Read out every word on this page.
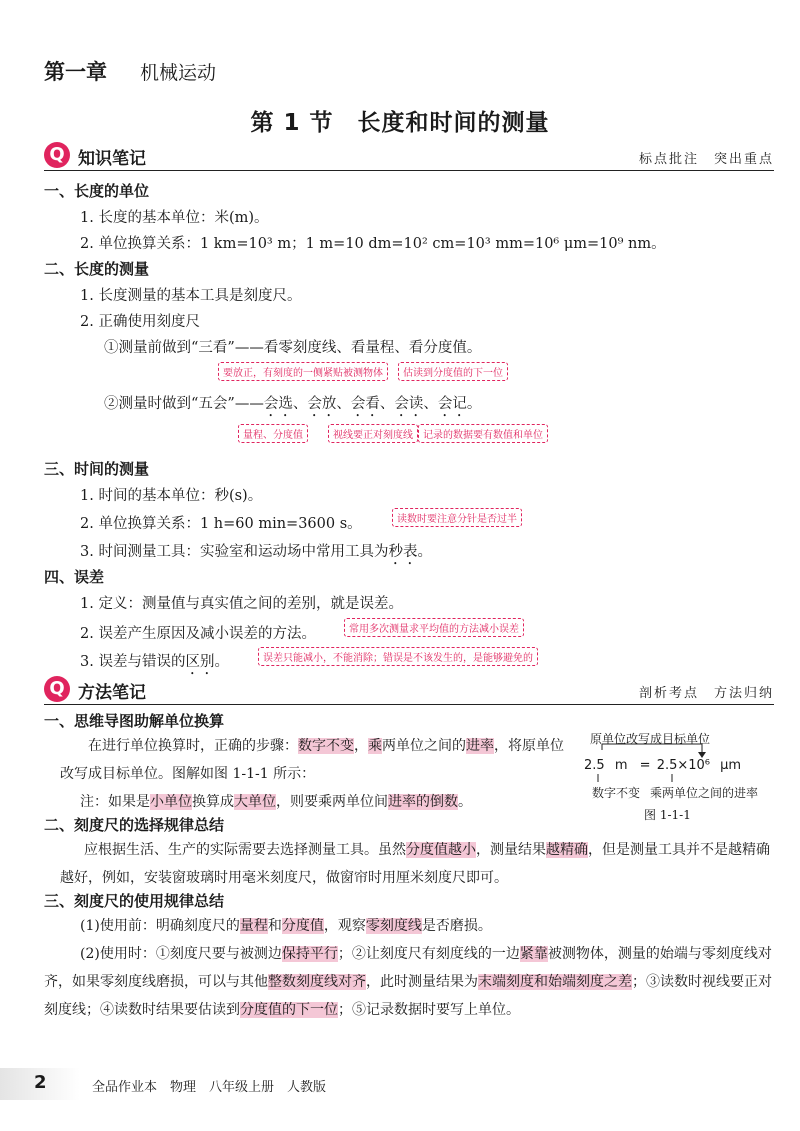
第一章 机械运动
第 1 节　长度和时间的测量
Q 知识笔记	标点批注　突出重点
一、长度的单位
1. 长度的基本单位：米(m)。
2. 单位换算关系：1 km=10³ m；1 m=10 dm=10² cm=10³ mm=10⁶ μm=10⁹ nm。
二、长度的测量
1. 长度测量的基本工具是刻度尺。
2. 正确使用刻度尺
①测量前做到“三看”——看零刻度线、看量程、看分度值。
要放正，有刻度的一侧紧贴被测物体	估读到分度值的下一位
②测量时做到“五会”——会选、会放、会看、会读、会记。
量程、分度值	视线要正对刻度线	记录的数据要有数值和单位
三、时间的测量
1. 时间的基本单位：秒(s)。
2. 单位换算关系：1 h=60 min=3600 s。	读数时要注意分针是否过半
3. 时间测量工具：实验室和运动场中常用工具为秒表。
四、误差
1. 定义：测量值与真实值之间的差别，就是误差。
2. 误差产生原因及减小误差的方法。	常用多次测量求平均值的方法减小误差
3. 误差与错误的区别。	误差只能减小，不能消除；错误是不该发生的，是能够避免的
Q 方法笔记	剖析考点　方法归纳
一、思维导图助解单位换算
在进行单位换算时，正确的步骤：数字不变，乘两单位之间的进率，将原单位改写成目标单位。图解如图 1-1-1 所示：
注：如果是小单位换算成大单位，则要乘两单位间进率的倒数。
原单位改写成目标单位
2.5 m = 2.5×10⁶ μm
数字不变 乘两单位之间的进率
图 1-1-1
二、刻度尺的选择规律总结
应根据生活、生产的实际需要去选择测量工具。虽然分度值越小，测量结果越精确，但是测量工具并不是越精确越好，例如，安装窗玻璃时用毫米刻度尺，做窗帘时用厘米刻度尺即可。
三、刻度尺的使用规律总结
(1)使用前：明确刻度尺的量程和分度值，观察零刻度线是否磨损。
(2)使用时：①刻度尺要与被测边保持平行；②让刻度尺有刻度线的一边紧靠被测物体，测量的始端与零刻度线对齐，如果零刻度线磨损，可以与其他整数刻度线对齐，此时测量结果为末端刻度和始端刻度之差；③读数时视线要正对刻度线；④读数时结果要估读到分度值的下一位；⑤记录数据时要写上单位。
2	全品作业本　物理　八年级上册　人教版
